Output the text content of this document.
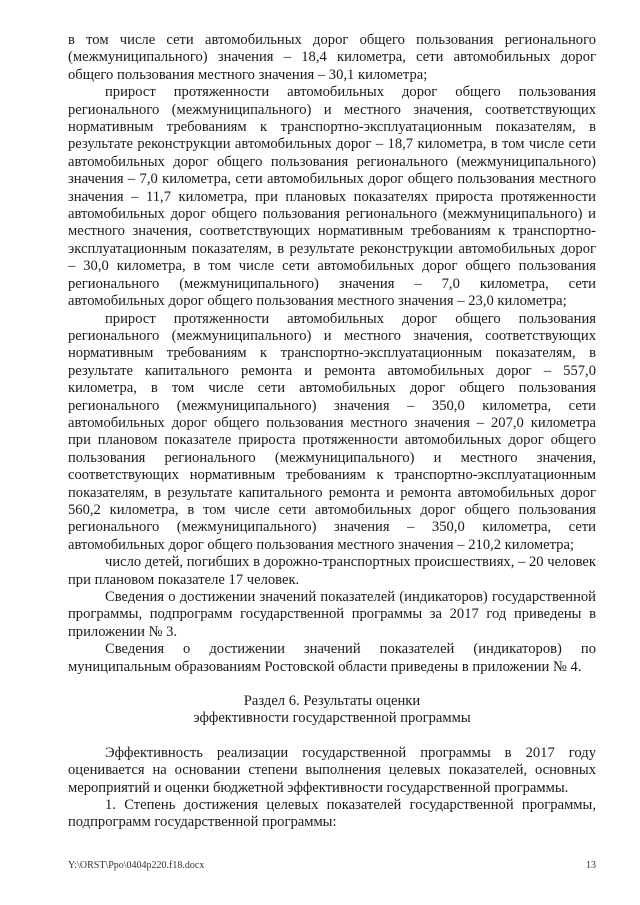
в том числе сети автомобильных дорог общего пользования регионального (межмуниципального) значения – 18,4 километра, сети автомобильных дорог общего пользования местного значения – 30,1 километра;

прирост протяженности автомобильных дорог общего пользования регионального (межмуниципального) и местного значения, соответствующих нормативным требованиям к транспортно-эксплуатационным показателям, в результате реконструкции автомобильных дорог – 18,7 километра, в том числе сети автомобильных дорог общего пользования регионального (межмуниципального) значения – 7,0 километра, сети автомобильных дорог общего пользования местного значения – 11,7 километра, при плановых показателях прироста протяженности автомобильных дорог общего пользования регионального (межмуниципального) и местного значения, соответствующих нормативным требованиям к транспортно-эксплуатационным показателям, в результате реконструкции автомобильных дорог – 30,0 километра, в том числе сети автомобильных дорог общего пользования регионального (межмуниципального) значения – 7,0 километра, сети автомобильных дорог общего пользования местного значения – 23,0 километра;

прирост протяженности автомобильных дорог общего пользования регионального (межмуниципального) и местного значения, соответствующих нормативным требованиям к транспортно-эксплуатационным показателям, в результате капитального ремонта и ремонта автомобильных дорог – 557,0 километра, в том числе сети автомобильных дорог общего пользования регионального (межмуниципального) значения – 350,0 километра, сети автомобильных дорог общего пользования местного значения – 207,0 километра при плановом показателе прироста протяженности автомобильных дорог общего пользования регионального (межмуниципального) и местного значения, соответствующих нормативным требованиям к транспортно-эксплуатационным показателям, в результате капитального ремонта и ремонта автомобильных дорог 560,2 километра, в том числе сети автомобильных дорог общего пользования регионального (межмуниципального) значения – 350,0 километра, сети автомобильных дорог общего пользования местного значения – 210,2 километра;

число детей, погибших в дорожно-транспортных происшествиях, – 20 человек при плановом показателе 17 человек.

Сведения о достижении значений показателей (индикаторов) государственной программы, подпрограмм государственной программы за 2017 год приведены в приложении № 3.

Сведения о достижении значений показателей (индикаторов) по муниципальным образованиям Ростовской области приведены в приложении № 4.

Раздел 6. Результаты оценки
эффективности государственной программы

Эффективность реализации государственной программы в 2017 году оценивается на основании степени выполнения целевых показателей, основных мероприятий и оценки бюджетной эффективности государственной программы.

1. Степень достижения целевых показателей государственной программы, подпрограмм государственной программы:

Y:\ORST\Ppo\0404p220.f18.docx	13
